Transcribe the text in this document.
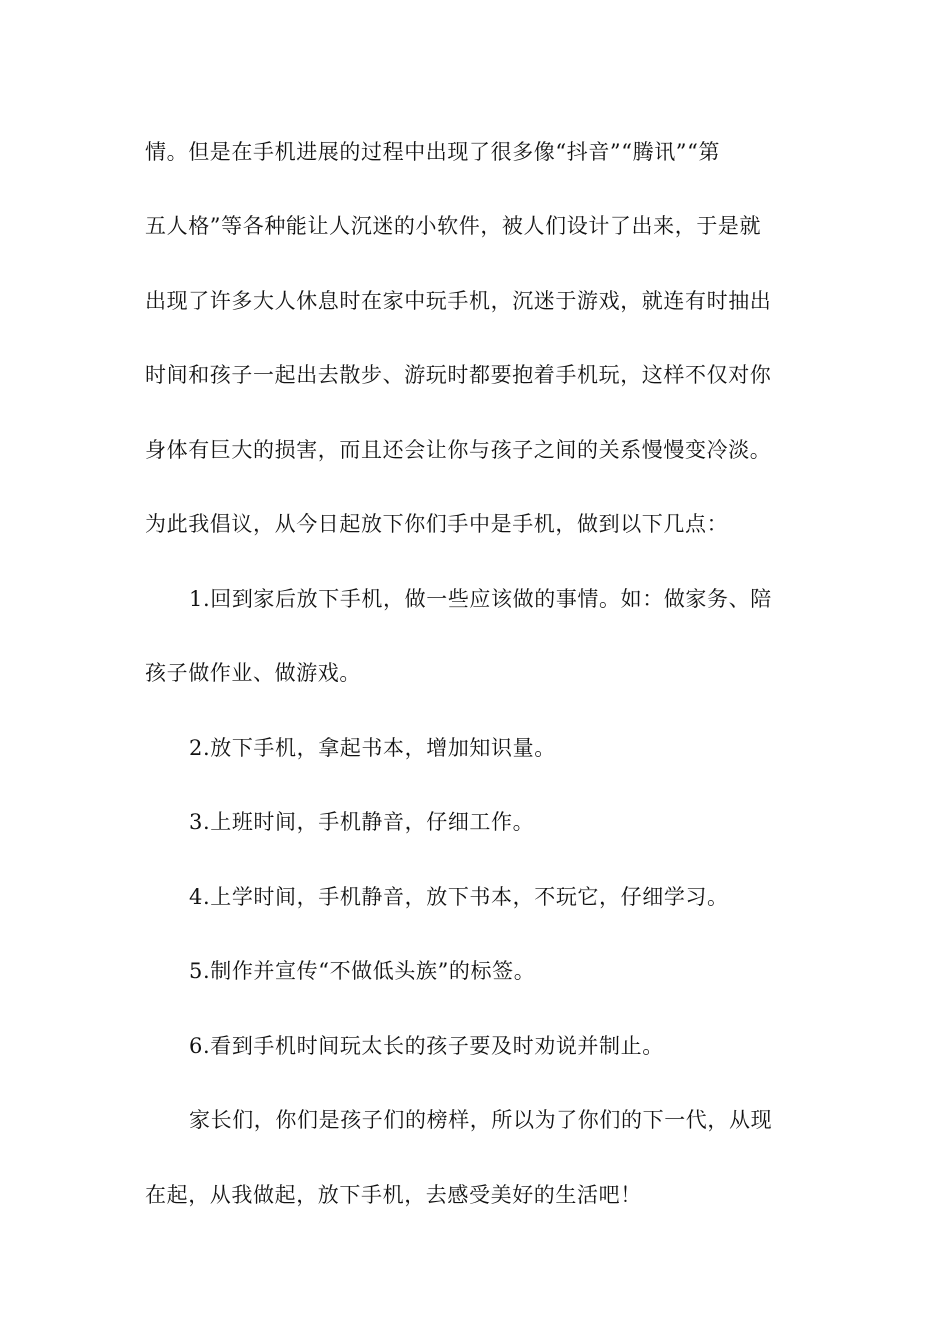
情。但是在手机进展的过程中出现了很多像“抖音”“腾讯”“第
五人格”等各种能让人沉迷的小软件，被人们设计了出来，于是就
出现了许多大人休息时在家中玩手机，沉迷于游戏，就连有时抽出
时间和孩子一起出去散步、游玩时都要抱着手机玩，这样不仅对你
身体有巨大的损害，而且还会让你与孩子之间的关系慢慢变冷淡。
为此我倡议，从今日起放下你们手中是手机，做到以下几点：
1.回到家后放下手机，做一些应该做的事情。如：做家务、陪
孩子做作业、做游戏。
2.放下手机，拿起书本，增加知识量。
3.上班时间，手机静音，仔细工作。
4.上学时间，手机静音，放下书本，不玩它，仔细学习。
5.制作并宣传“不做低头族”的标签。
6.看到手机时间玩太长的孩子要及时劝说并制止。
家长们，你们是孩子们的榜样，所以为了你们的下一代，从现
在起，从我做起，放下手机，去感受美好的生活吧！
